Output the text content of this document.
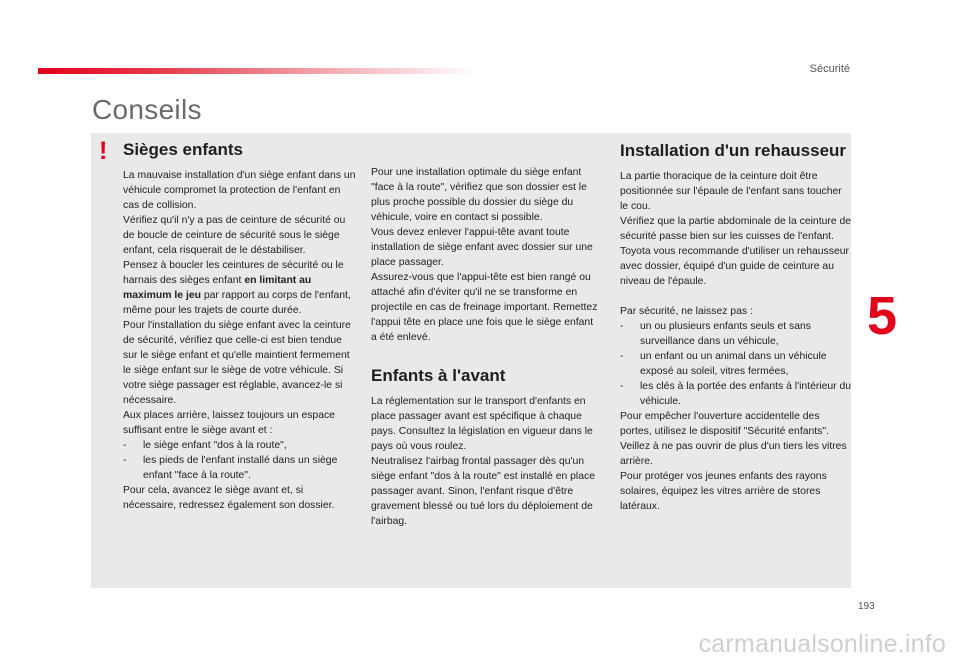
Sécurité
Conseils
! Sièges enfants

La mauvaise installation d'un siège enfant dans un véhicule compromet la protection de l'enfant en cas de collision.

Vérifiez qu'il n'y a pas de ceinture de sécurité ou de boucle de ceinture de sécurité sous le siège enfant, cela risquerait de le déstabiliser.

Pensez à boucler les ceintures de sécurité ou le harnais des sièges enfant en limitant au maximum le jeu par rapport au corps de l'enfant, même pour les trajets de courte durée.

Pour l'installation du siège enfant avec la ceinture de sécurité, vérifiez que celle-ci est bien tendue sur le siège enfant et qu'elle maintient fermement le siège enfant sur le siège de votre véhicule. Si votre siège passager est réglable, avancez-le si nécessaire.

Aux places arrière, laissez toujours un espace suffisant entre le siège avant et :

-	le siège enfant "dos à la route",
-	les pieds de l'enfant installé dans un siège enfant "face à la route".

Pour cela, avancez le siège avant et, si nécessaire, redressez également son dossier.

Pour une installation optimale du siège enfant "face à la route", vérifiez que son dossier est le plus proche possible du dossier du siège du véhicule, voire en contact si possible.

Vous devez enlever l'appui-tête avant toute installation de siège enfant avec dossier sur une place passager.

Assurez-vous que l'appui-tête est bien rangé ou attaché afin d'éviter qu'il ne se transforme en projectile en cas de freinage important. Remettez l'appui tête en place une fois que le siège enfant a été enlevé.

Enfants à l'avant

La réglementation sur le transport d'enfants en place passager avant est spécifique à chaque pays. Consultez la législation en vigueur dans le pays où vous roulez.

Neutralisez l'airbag frontal passager dès qu'un siège enfant "dos à la route" est installé en place passager avant. Sinon, l'enfant risque d'être gravement blessé ou tué lors du déploiement de l'airbag.

Installation d'un rehausseur

La partie thoracique de la ceinture doit être positionnée sur l'épaule de l'enfant sans toucher le cou.

Vérifiez que la partie abdominale de la ceinture de sécurité passe bien sur les cuisses de l'enfant.

Toyota vous recommande d'utiliser un rehausseur avec dossier, équipé d'un guide de ceinture au niveau de l'épaule.

Par sécurité, ne laissez pas :

-	un ou plusieurs enfants seuls et sans surveillance dans un véhicule,
-	un enfant ou un animal dans un véhicule exposé au soleil, vitres fermées,
-	les clés à la portée des enfants à l'intérieur du véhicule.

Pour empêcher l'ouverture accidentelle des portes, utilisez le dispositif "Sécurité enfants".

Veillez à ne pas ouvrir de plus d'un tiers les vitres arrière.

Pour protéger vos jeunes enfants des rayons solaires, équipez les vitres arrière de stores latéraux.

5
193
carmanualsonline.info
